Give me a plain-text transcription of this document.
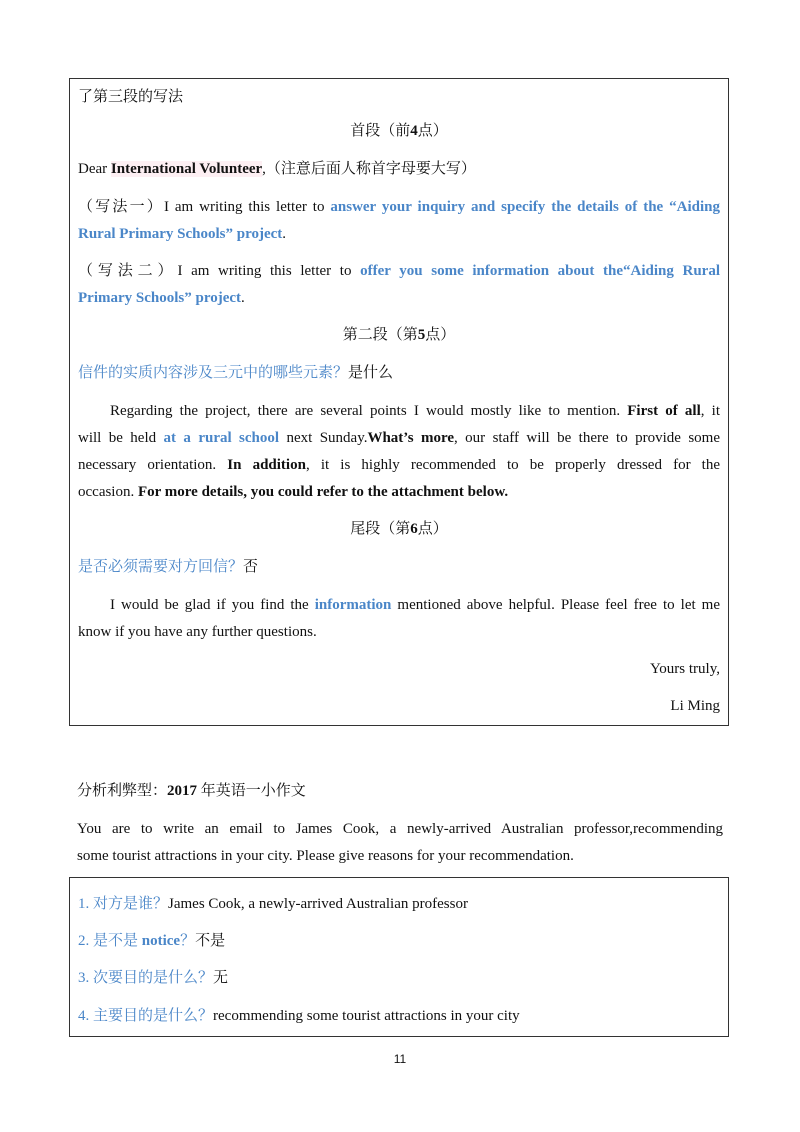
了第三段的写法
首段（前4点）
Dear International Volunteer,（注意后面人称首字母要大写）
（写法一）I am writing this letter to answer your inquiry and specify the details of the “Aiding
Rural Primary Schools” project.
（写法二）I am writing this letter to offer you some information about the“Aiding Rural
Primary Schools” project.
第二段（第5点）
信件的实质内容涉及三元中的哪些元素？是什么
Regarding the project, there are several points I would mostly like to mention. First of all, it
will be held at a rural school next Sunday.What’s more, our staff will be there to provide some
necessary orientation. In addition, it is highly recommended to be properly dressed for the
occasion. For more details, you could refer to the attachment below.
尾段（第6点）
是否必须需要对方回信？否
I would be glad if you find the information mentioned above helpful. Please feel free to let me
know if you have any further questions.
Yours truly,
Li Ming
分析利弊型：2017 年英语一小作文
You are to write an email to James Cook, a newly-arrived Australian professor,recommending
some tourist attractions in your city. Please give reasons for your recommendation.
1. 对方是谁？James Cook, a newly-arrived Australian professor
2. 是不是 notice？不是
3. 次要目的是什么？无
4. 主要目的是什么？recommending some tourist attractions in your city
11
